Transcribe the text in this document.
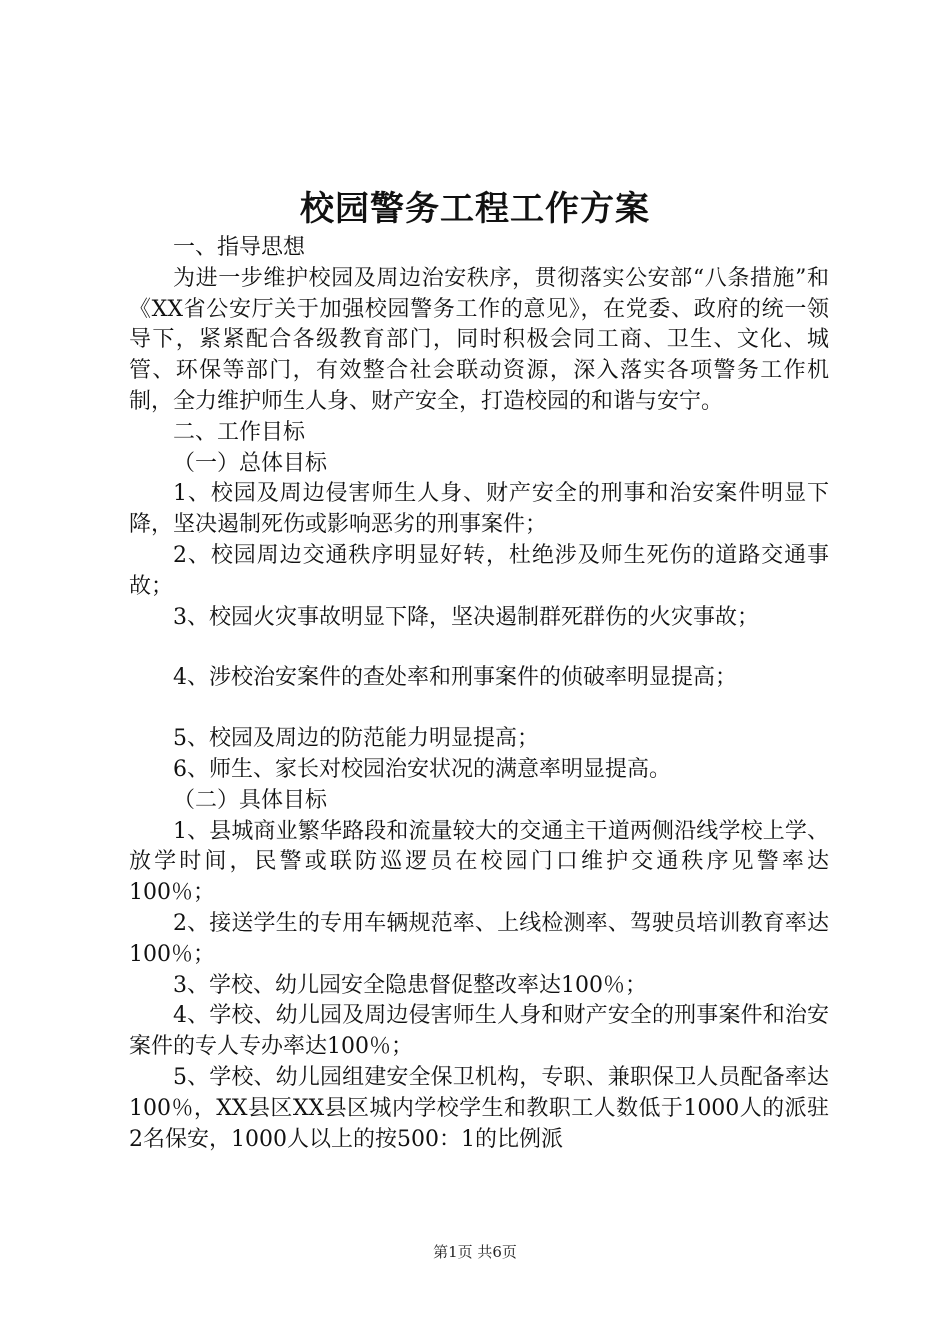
校园警务工程工作方案

一、指导思想

为进一步维护校园及周边治安秩序，贯彻落实公安部“八条措施”和《XX省公安厅关于加强校园警务工作的意见》，在党委、政府的统一领导下，紧紧配合各级教育部门，同时积极会同工商、卫生、文化、城管、环保等部门，有效整合社会联动资源，深入落实各项警务工作机制，全力维护师生人身、财产安全，打造校园的和谐与安宁。

二、工作目标

（一）总体目标

1、校园及周边侵害师生人身、财产安全的刑事和治安案件明显下降，坚决遏制死伤或影响恶劣的刑事案件；

2、校园周边交通秩序明显好转，杜绝涉及师生死伤的道路交通事故；

3、校园火灾事故明显下降，坚决遏制群死群伤的火灾事故；

4、涉校治安案件的查处率和刑事案件的侦破率明显提高；

5、校园及周边的防范能力明显提高；

6、师生、家长对校园治安状况的满意率明显提高。

（二）具体目标

1、县城商业繁华路段和流量较大的交通主干道两侧沿线学校上学、放学时间，民警或联防巡逻员在校园门口维护交通秩序见警率达100％；

2、接送学生的专用车辆规范率、上线检测率、驾驶员培训教育率达100％；

3、学校、幼儿园安全隐患督促整改率达100％；

4、学校、幼儿园及周边侵害师生人身和财产安全的刑事案件和治安案件的专人专办率达100％；

5、学校、幼儿园组建安全保卫机构，专职、兼职保卫人员配备率达100％，XX县区XX县区城内学校学生和教职工人数低于1000人的派驻2名保安，1000人以上的按500：1的比例派

第1页 共6页
